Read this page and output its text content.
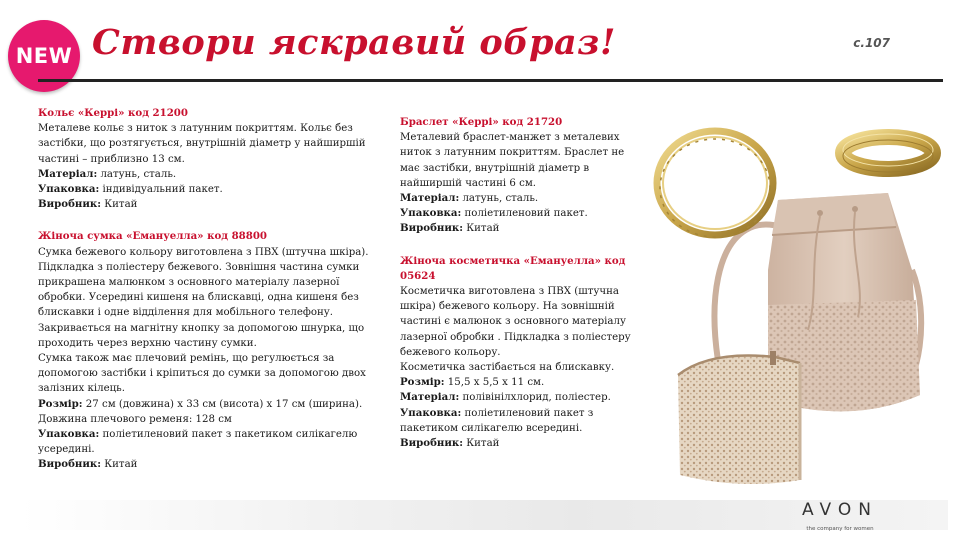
NEW Створи яскравий образ!	с.107

Кольє «Керрі» код 21200

Металеве кольє з ниток з латунним покриттям. Кольє без застібки, що розтягується, внутрішній діаметр у найширшій частині – приблизно 13 см.

Матеріал: латунь, сталь.

Упаковка: індивідуальний пакет.

Виробник: Китай

Жіноча сумка «Емануелла» код 88800

Сумка бежевого кольору виготовлена з ПВХ (штучна шкіра). Підкладка з поліестеру бежевого. Зовнішня частина сумки прикрашена малюнком з основного матеріалу лазерної обробки. Усередині кишеня на блискавці, одна кишеня без блискавки і одне відділення для мобільного телефону. Закривається на магнітну кнопку за допомогою шнурка, що проходить через верхню частину сумки.

Сумка також має плечовий ремінь, що регулюється за допомогою застібки і кріпиться до сумки за допомогою двох залізних кілець.

Розмір: 27 см (довжина) х 33 см (висота) х 17 см (ширина).

Довжина плечового ременя: 128 см

Упаковка: поліетиленовий пакет з пакетиком силікагелю усередині.

Виробник: Китай

Браслет «Керрі» код 21720

Металевий браслет-манжет з металевих ниток з латунним покриттям. Браслет не має застібки, внутрішній діаметр в найширшій частині 6 см.

Матеріал: латунь, сталь.

Упаковка: поліетиленовий пакет.

Виробник: Китай

Жіноча косметичка «Емануелла» код 05624

Косметичка виготовлена з ПВХ (штучна шкіра) бежевого кольору. На зовнішній частині є малюнок з основного матеріалу лазерної обробки . Підкладка з поліестеру бежевого кольору.

Косметичка застібається на блискавку.

Розмір: 15,5 х 5,5 х 11 см.

Матеріал: полівінілхлорид, поліестер.

Упаковка: поліетиленовий пакет з пакетиком силікагелю всередині.

Виробник: Китай

AVON
the company for women
